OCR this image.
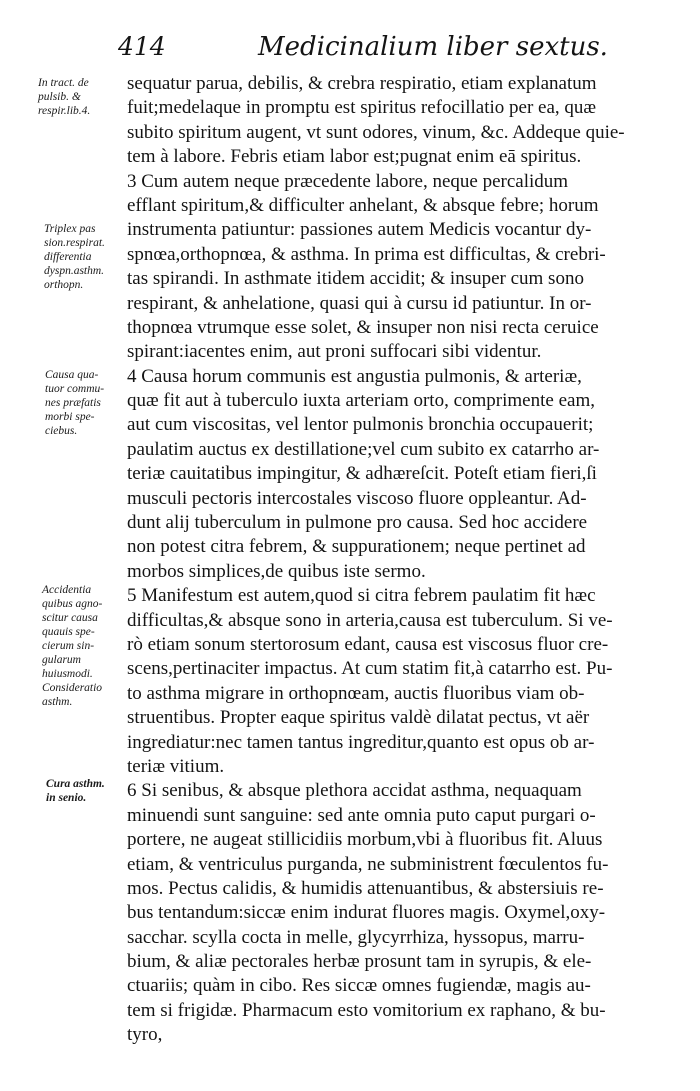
414	Medicinalium liber sextus.
In tract. de
pulsib. &
respir.lib.4.
Triplex pas
sion.respirat.
differentia
dyspn.asthm.
orthopn.
Causa qua-
tuor commu-
nes præfatis
morbi spe-
ciebus.
Accidentia
quibus agno-
scitur causa
quauis spe-
cierum sin-
gularum
huiusmodi.
Consideratio
asthm.
Cura asthm.
in senio.
sequatur parua, debilis, & crebra respiratio, etiam explanatum
fuit;medelaque in promptu est spiritus refocillatio per ea, quæ
subito spiritum augent, vt sunt odores, vinum, &c. Addeque quie-
tem à labore. Febris etiam labor est;pugnat enim eā spiritus.
3 Cum autem neque præcedente labore, neque percalidum
efflant spiritum,& difficulter anhelant, & absque febre; horum
instrumenta patiuntur: passiones autem Medicis vocantur dy-
spnœa,orthopnœa, & asthma. In prima est difficultas, & crebri-
tas spirandi. In asthmate itidem accidit; & insuper cum sono
respirant, & anhelatione, quasi qui à cursu id patiuntur. In or-
thopnœa vtrumque esse solet, & insuper non nisi recta ceruice
spirant:iacentes enim, aut proni suffocari sibi videntur.
4 Causa horum communis est angustia pulmonis, & arteriæ,
quæ fit aut à tuberculo iuxta arteriam orto, comprimente eam,
aut cum viscositas, vel lentor pulmonis bronchia occupauerit;
paulatim auctus ex destillatione;vel cum subito ex catarrho ar-
teriæ cauitatibus impingitur, & adhæreſcit. Poteſt etiam fieri,ſi
musculi pectoris intercostales viscoso fluore oppleantur. Ad-
dunt alij tuberculum in pulmone pro causa. Sed hoc accidere
non potest citra febrem, & suppurationem; neque pertinet ad
morbos simplices,de quibus iste sermo.
5 Manifestum est autem,quod si citra febrem paulatim fit hæc
difficultas,& absque sono in arteria,causa est tuberculum. Si ve-
rò etiam sonum stertorosum edant, causa est viscosus fluor cre-
scens,pertinaciter impactus. At cum statim fit,à catarrho est. Pu-
to asthma migrare in orthopnœam, auctis fluoribus viam ob-
struentibus. Propter eaque spiritus valdè dilatat pectus, vt aër
ingrediatur:nec tamen tantus ingreditur,quanto est opus ob ar-
teriæ vitium.
6 Si senibus, & absque plethora accidat asthma, nequaquam
minuendi sunt sanguine: sed ante omnia puto caput purgari o-
portere, ne augeat stillicidiis morbum,vbi à fluoribus fit. Aluus
etiam, & ventriculus purganda, ne subministrent fœculentos fu-
mos. Pectus calidis, & humidis attenuantibus, & abstersiuis re-
bus tentandum:siccæ enim indurat fluores magis. Oxymel,oxy-
sacchar. scylla cocta in melle, glycyrrhiza, hyssopus, marru-
bium, & aliæ pectorales herbæ prosunt tam in syrupis, & ele-
ctuariis; quàm in cibo. Res siccæ omnes fugiendæ, magis au-
tem si frigidæ. Pharmacum esto vomitorium ex raphano, & bu-
tyro,
